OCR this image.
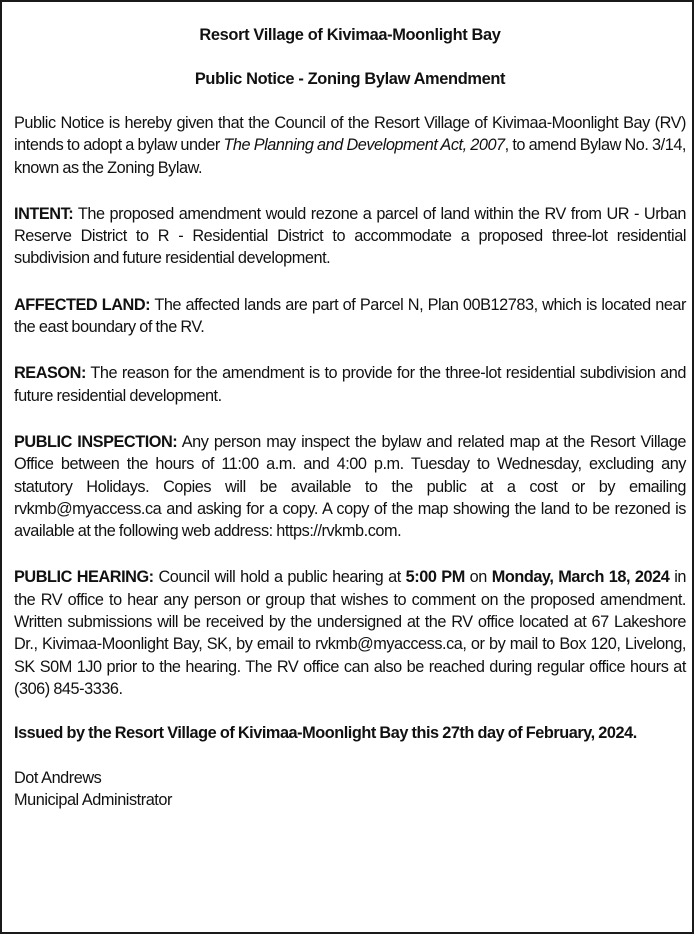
Resort Village of Kivimaa-Moonlight Bay
Public Notice - Zoning Bylaw Amendment

Public Notice is hereby given that the Council of the Resort Village of Kivimaa-Moonlight Bay (RV) intends to adopt a bylaw under The Planning and Development Act, 2007, to amend Bylaw No. 3/14, known as the Zoning Bylaw.

INTENT: The proposed amendment would rezone a parcel of land within the RV from UR - Urban Reserve District to R - Residential District to accommodate a proposed three-lot residential subdivision and future residential development.

AFFECTED LAND: The affected lands are part of Parcel N, Plan 00B12783, which is located near the east boundary of the RV.

REASON: The reason for the amendment is to provide for the three-lot residential subdivision and future residential development.

PUBLIC INSPECTION: Any person may inspect the bylaw and related map at the Resort Village Office between the hours of 11:00 a.m. and 4:00 p.m. Tuesday to Wednesday, excluding any statutory Holidays. Copies will be available to the public at a cost or by emailing rvkmb@myaccess.ca and asking for a copy. A copy of the map showing the land to be rezoned is available at the following web address: https://rvkmb.com.

PUBLIC HEARING: Council will hold a public hearing at 5:00 PM on Monday, March 18, 2024 in the RV office to hear any person or group that wishes to comment on the proposed amendment. Written submissions will be received by the undersigned at the RV office located at 67 Lakeshore Dr., Kivimaa-Moonlight Bay, SK, by email to rvkmb@myaccess.ca, or by mail to Box 120, Livelong, SK S0M 1J0 prior to the hearing. The RV office can also be reached during regular office hours at (306) 845-3336.

Issued by the Resort Village of Kivimaa-Moonlight Bay this 27th day of February, 2024.

Dot Andrews
Municipal Administrator
